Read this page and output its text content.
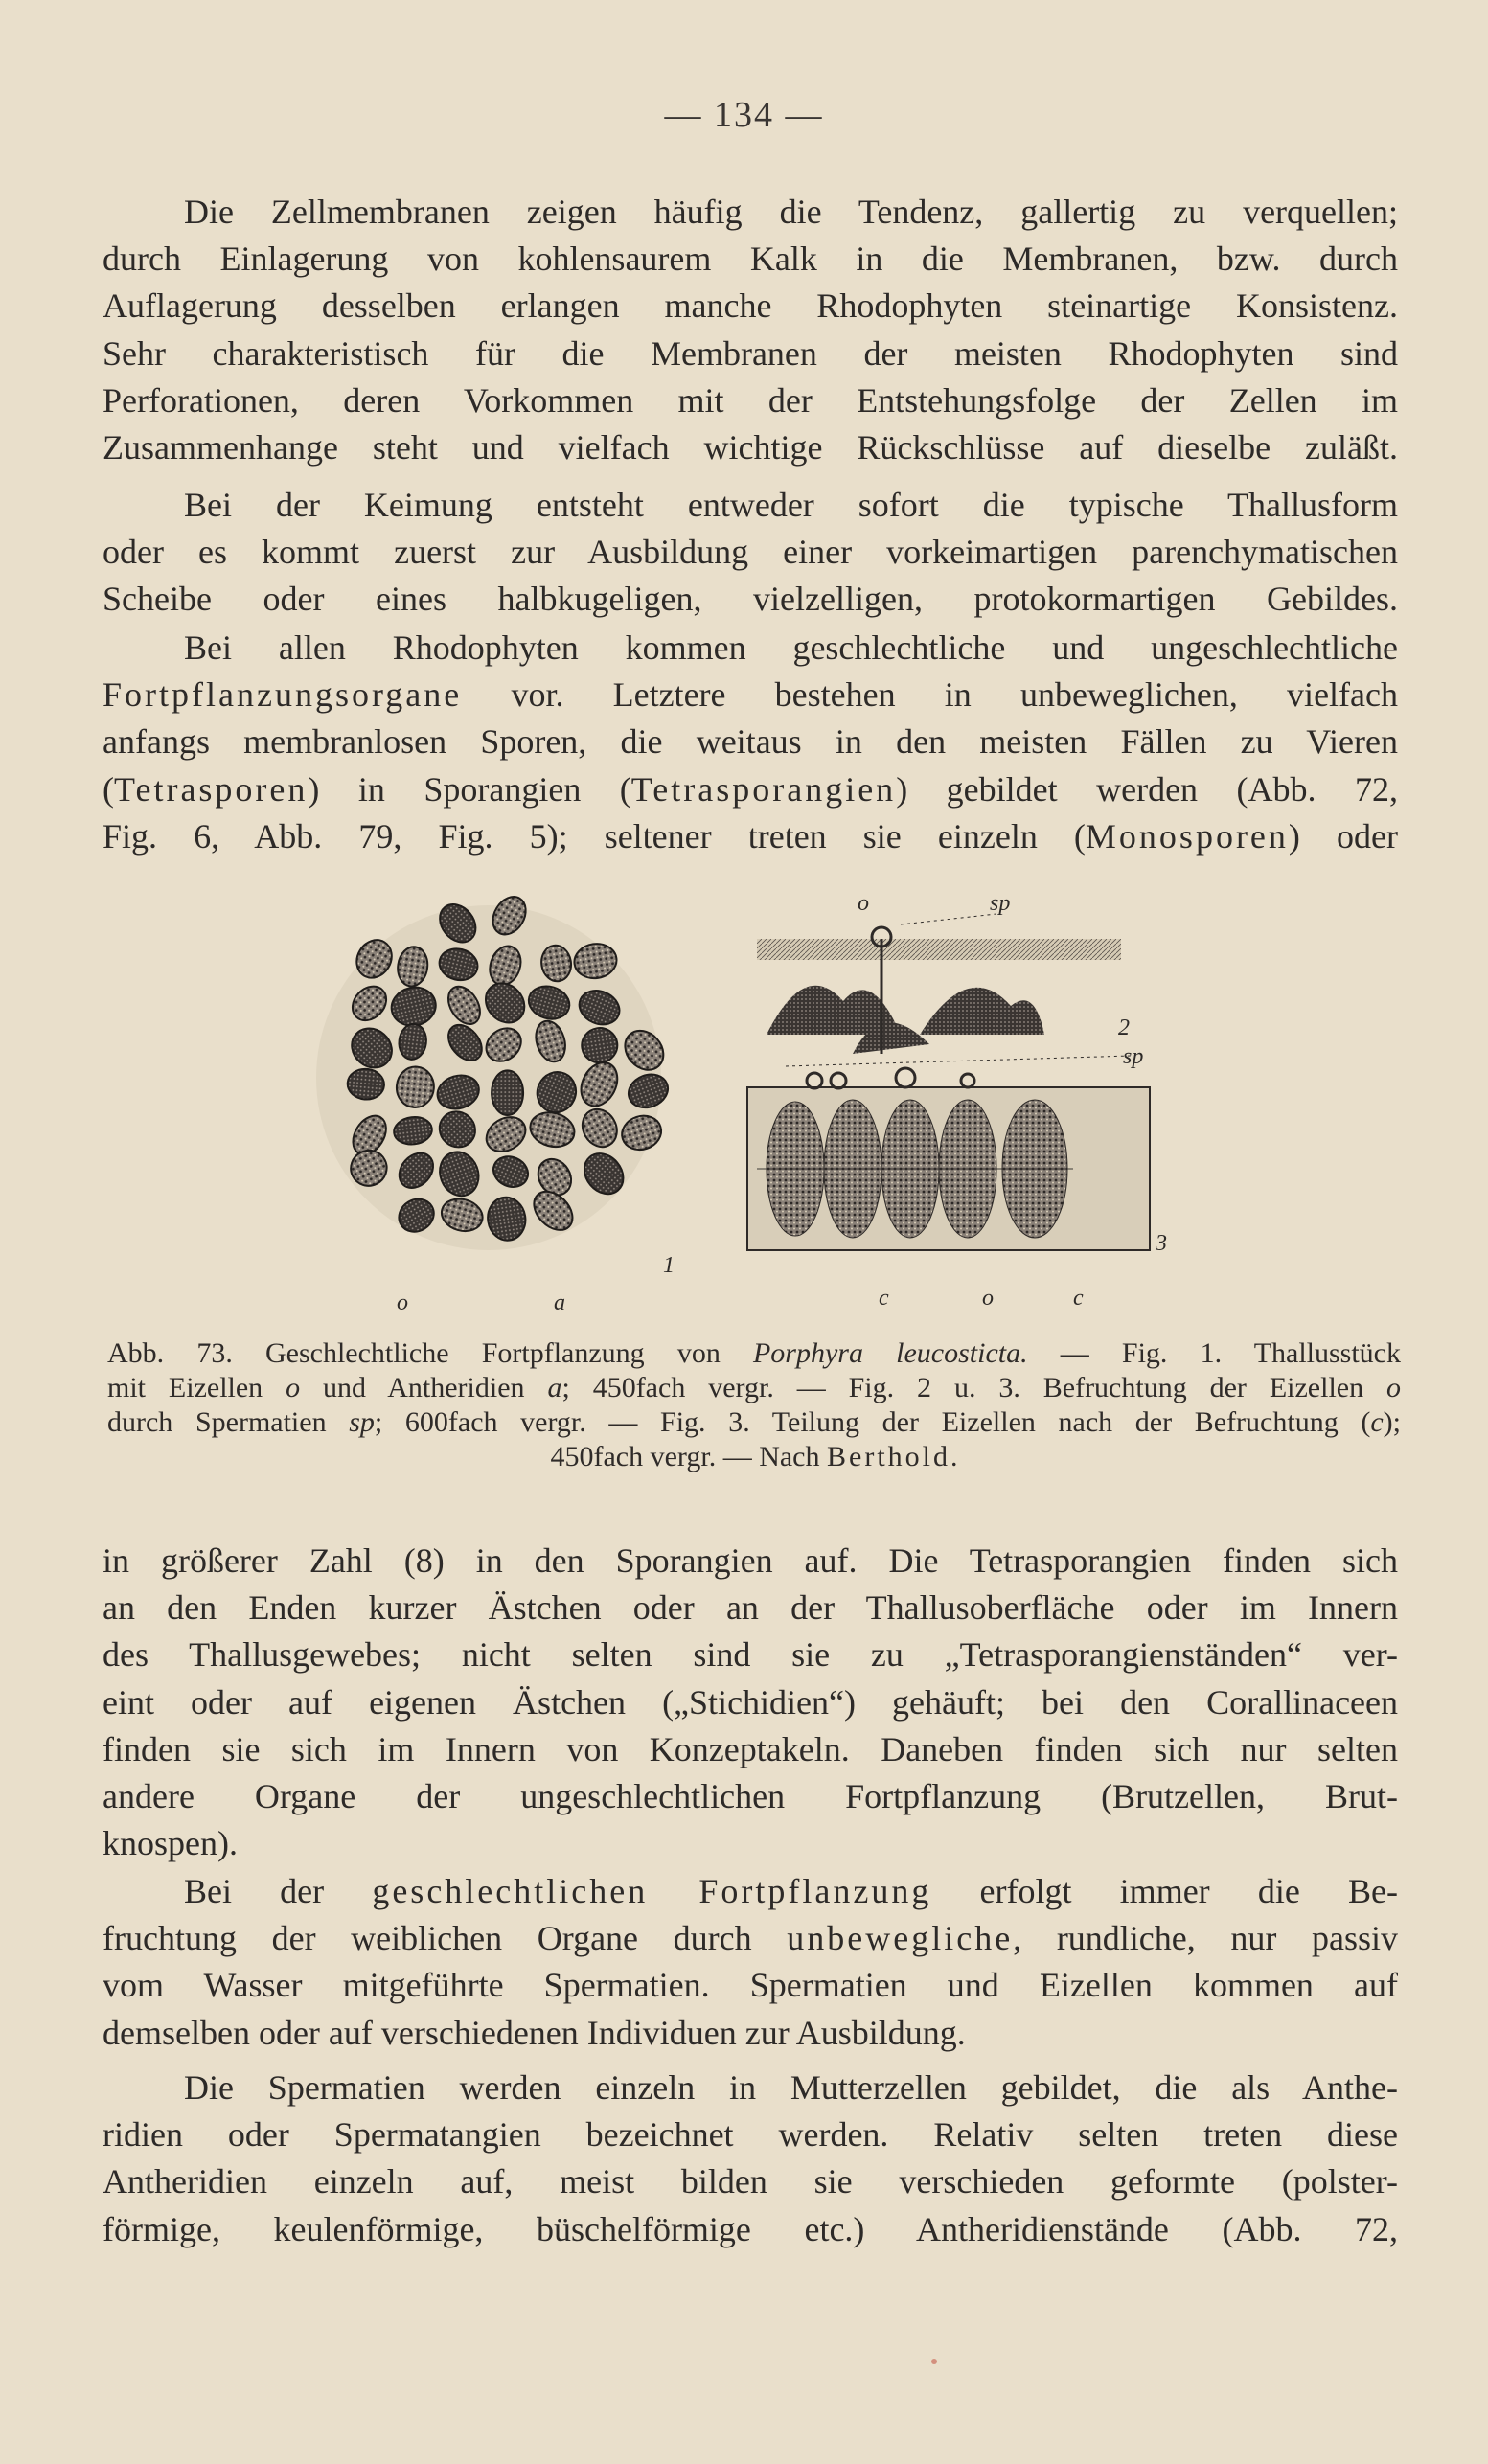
— 134 —

Die Zellmembranen zeigen häufig die Tendenz, gallertig zu verquellen;
durch Einlagerung von kohlensaurem Kalk in die Membranen, bzw. durch
Auflagerung desselben erlangen manche Rhodophyten steinartige Konsistenz.
Sehr charakteristisch für die Membranen der meisten Rhodophyten sind
Perforationen, deren Vorkommen mit der Entstehungsfolge der Zellen im
Zusammenhange steht und vielfach wichtige Rückschlüsse auf dieselbe zuläßt.

Bei der Keimung entsteht entweder sofort die typische Thallusform
oder es kommt zuerst zur Ausbildung einer vorkeimartigen parenchymatischen
Scheibe oder eines halbkugeligen, vielzelligen, protokormartigen Gebildes.

Bei allen Rhodophyten kommen geschlechtliche und ungeschlechtliche
Fortpflanzungsorgane vor. Letztere bestehen in unbeweglichen, vielfach
anfangs membranlosen Sporen, die weitaus in den meisten Fällen zu Vieren
(Tetrasporen) in Sporangien (Tetrasporangien) gebildet werden (Abb. 72,
Fig. 6, Abb. 79, Fig. 5); seltener treten sie einzeln (Monosporen) oder

o	a
1
o	sp
2
sp
3
c	o	c
Abb. 73. Geschlechtliche Fortpflanzung von Porphyra leucosticta. — Fig. 1. Thallusstück
mit Eizellen o und Antheridien a; 450fach vergr. — Fig. 2 u. 3. Befruchtung der Eizellen o
durch Spermatien sp; 600fach vergr. — Fig. 3. Teilung der Eizellen nach der Befruchtung (c);
450fach vergr. — Nach Berthold.

in größerer Zahl (8) in den Sporangien auf. Die Tetrasporangien finden sich
an den Enden kurzer Ästchen oder an der Thallusoberfläche oder im Innern
des Thallusgewebes; nicht selten sind sie zu „Tetrasporangienständen“ ver-
eint oder auf eigenen Ästchen („Stichidien“) gehäuft; bei den Corallinaceen
finden sie sich im Innern von Konzeptakeln. Daneben finden sich nur selten
andere Organe der ungeschlechtlichen Fortpflanzung (Brutzellen, Brut-
knospen).

Bei der geschlechtlichen Fortpflanzung erfolgt immer die Be-
fruchtung der weiblichen Organe durch unbewegliche, rundliche, nur passiv
vom Wasser mitgeführte Spermatien. Spermatien und Eizellen kommen auf
demselben oder auf verschiedenen Individuen zur Ausbildung.

Die Spermatien werden einzeln in Mutterzellen gebildet, die als Anthe-
ridien oder Spermatangien bezeichnet werden. Relativ selten treten diese
Antheridien einzeln auf, meist bilden sie verschieden geformte (polster-
förmige, keulenförmige, büschelförmige etc.) Antheridienstände (Abb. 72,
